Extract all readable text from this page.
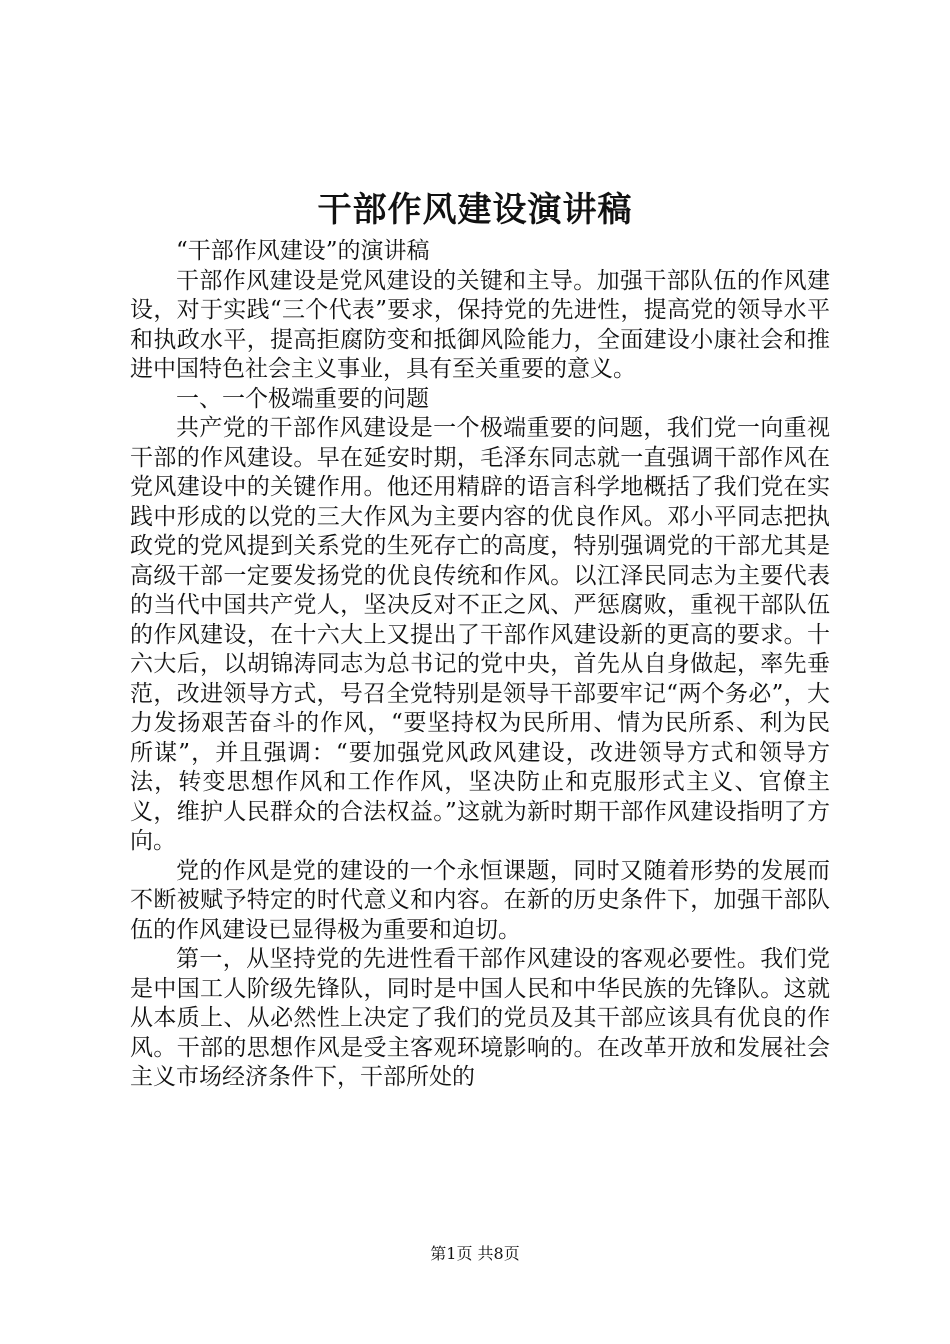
干部作风建设演讲稿

“干部作风建设”的演讲稿

干部作风建设是党风建设的关键和主导。加强干部队伍的作风建设，对于实践“三个代表”要求，保持党的先进性，提高党的领导水平和执政水平，提高拒腐防变和抵御风险能力，全面建设小康社会和推进中国特色社会主义事业，具有至关重要的意义。

一、一个极端重要的问题

共产党的干部作风建设是一个极端重要的问题，我们党一向重视干部的作风建设。早在延安时期，毛泽东同志就一直强调干部作风在党风建设中的关键作用。他还用精辟的语言科学地概括了我们党在实践中形成的以党的三大作风为主要内容的优良作风。邓小平同志把执政党的党风提到关系党的生死存亡的高度，特别强调党的干部尤其是高级干部一定要发扬党的优良传统和作风。以江泽民同志为主要代表的当代中国共产党人，坚决反对不正之风、严惩腐败，重视干部队伍的作风建设，在十六大上又提出了干部作风建设新的更高的要求。十六大后，以胡锦涛同志为总书记的党中央，首先从自身做起，率先垂范，改进领导方式，号召全党特别是领导干部要牢记“两个务必”，大力发扬艰苦奋斗的作风，“要坚持权为民所用、情为民所系、利为民所谋”，并且强调：“要加强党风政风建设，改进领导方式和领导方法，转变思想作风和工作作风，坚决防止和克服形式主义、官僚主义，维护人民群众的合法权益。”这就为新时期干部作风建设指明了方向。

党的作风是党的建设的一个永恒课题，同时又随着形势的发展而不断被赋予特定的时代意义和内容。在新的历史条件下，加强干部队伍的作风建设已显得极为重要和迫切。

第一，从坚持党的先进性看干部作风建设的客观必要性。我们党是中国工人阶级先锋队，同时是中国人民和中华民族的先锋队。这就从本质上、从必然性上决定了我们的党员及其干部应该具有优良的作风。干部的思想作风是受主客观环境影响的。在改革开放和发展社会主义市场经济条件下，干部所处的

第1页 共8页
